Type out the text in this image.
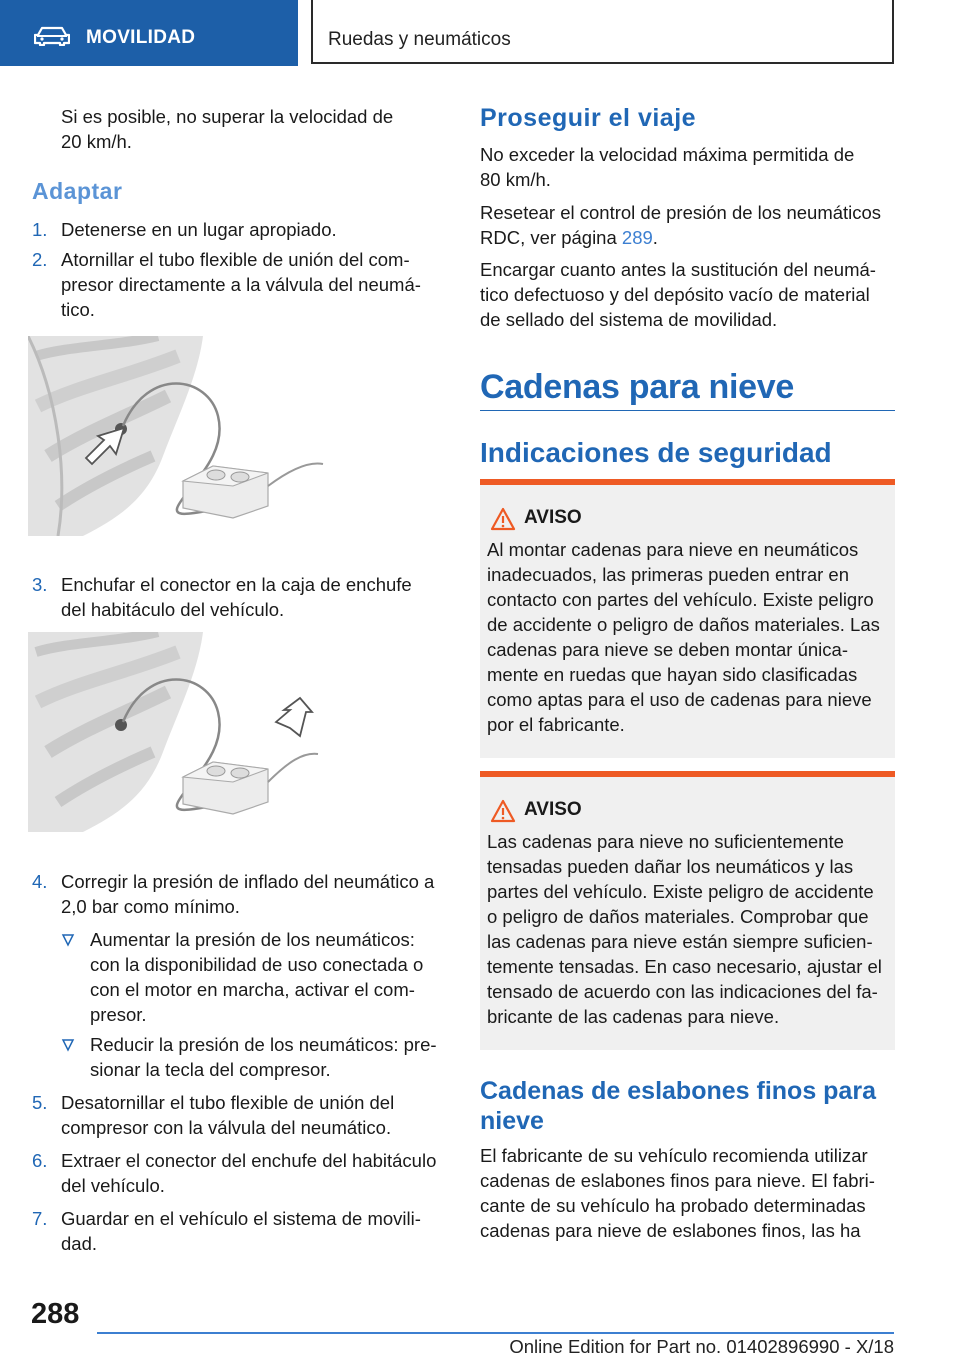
MOVILIDAD	Ruedas y neumáticos

Si es posible, no superar la velocidad de

20 km/h.

Adaptar
1. Detenerse en un lugar apropiado.

2. Atornillar el tubo flexible de unión del com-

presor directamente a la válvula del neumá-

tico.

3. Enchufar el conector en la caja de enchufe

del habitáculo del vehículo.

4. Corregir la presión de inflado del neumático a

2,0 bar como mínimo.

Aumentar la presión de los neumáticos:

con la disponibilidad de uso conectada o

con el motor en marcha, activar el com-

presor.

Reducir la presión de los neumáticos: pre-

sionar la tecla del compresor.

5. Desatornillar el tubo flexible de unión del

compresor con la válvula del neumático.

6. Extraer el conector del enchufe del habitáculo

del vehículo.

7. Guardar en el vehículo el sistema de movili-

dad.

Proseguir el viaje

No exceder la velocidad máxima permitida de

80 km/h.

Resetear el control de presión de los neumáticos

RDC, ver página 289.

Encargar cuanto antes la sustitución del neumá-

tico defectuoso y del depósito vacío de material

de sellado del sistema de movilidad.

Cadenas para nieve
Indicaciones de seguridad
AVISO

Al montar cadenas para nieve en neumáticos

inadecuados, las primeras pueden entrar en

contacto con partes del vehículo. Existe peligro

de accidente o peligro de daños materiales. Las

cadenas para nieve se deben montar única-

mente en ruedas que hayan sido clasificadas

como aptas para el uso de cadenas para nieve

por el fabricante.

AVISO

Las cadenas para nieve no suficientemente

tensadas pueden dañar los neumáticos y las

partes del vehículo. Existe peligro de accidente

o peligro de daños materiales. Comprobar que

las cadenas para nieve están siempre suficien-

temente tensadas. En caso necesario, ajustar el

tensado de acuerdo con las indicaciones del fa-

bricante de las cadenas para nieve.

Cadenas de eslabones finos para
nieve

El fabricante de su vehículo recomienda utilizar

cadenas de eslabones finos para nieve. El fabri-

cante de su vehículo ha probado determinadas

cadenas para nieve de eslabones finos, las ha

288
Online Edition for Part no. 01402896990 - X/18
